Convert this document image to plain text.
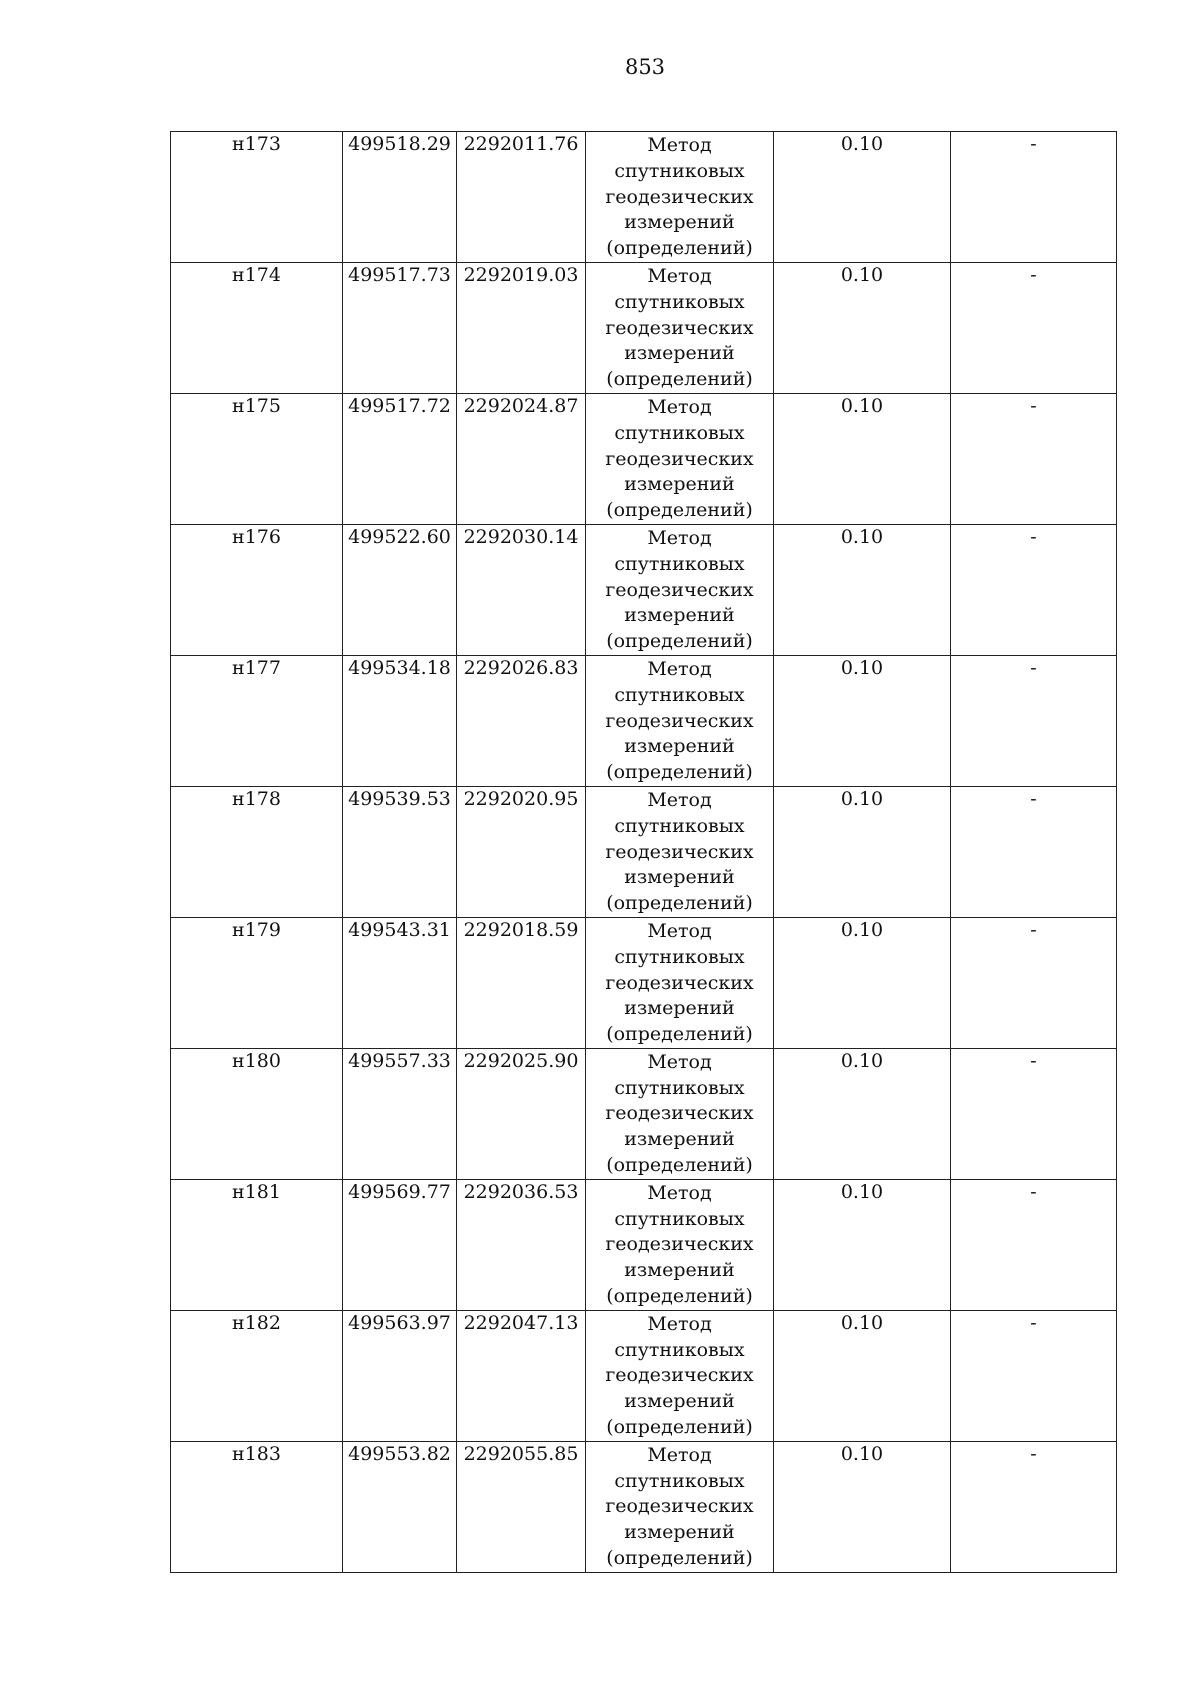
853
н173	499518.29	2292011.76	Метод
спутниковых
геодезических
измерений
(определений)	0.10	-
н174	499517.73	2292019.03	Метод
спутниковых
геодезических
измерений
(определений)	0.10	-
н175	499517.72	2292024.87	Метод
спутниковых
геодезических
измерений
(определений)	0.10	-
н176	499522.60	2292030.14	Метод
спутниковых
геодезических
измерений
(определений)	0.10	-
н177	499534.18	2292026.83	Метод
спутниковых
геодезических
измерений
(определений)	0.10	-
н178	499539.53	2292020.95	Метод
спутниковых
геодезических
измерений
(определений)	0.10	-
н179	499543.31	2292018.59	Метод
спутниковых
геодезических
измерений
(определений)	0.10	-
н180	499557.33	2292025.90	Метод
спутниковых
геодезических
измерений
(определений)	0.10	-
н181	499569.77	2292036.53	Метод
спутниковых
геодезических
измерений
(определений)	0.10	-
н182	499563.97	2292047.13	Метод
спутниковых
геодезических
измерений
(определений)	0.10	-
н183	499553.82	2292055.85	Метод
спутниковых
геодезических
измерений
(определений)	0.10	-
